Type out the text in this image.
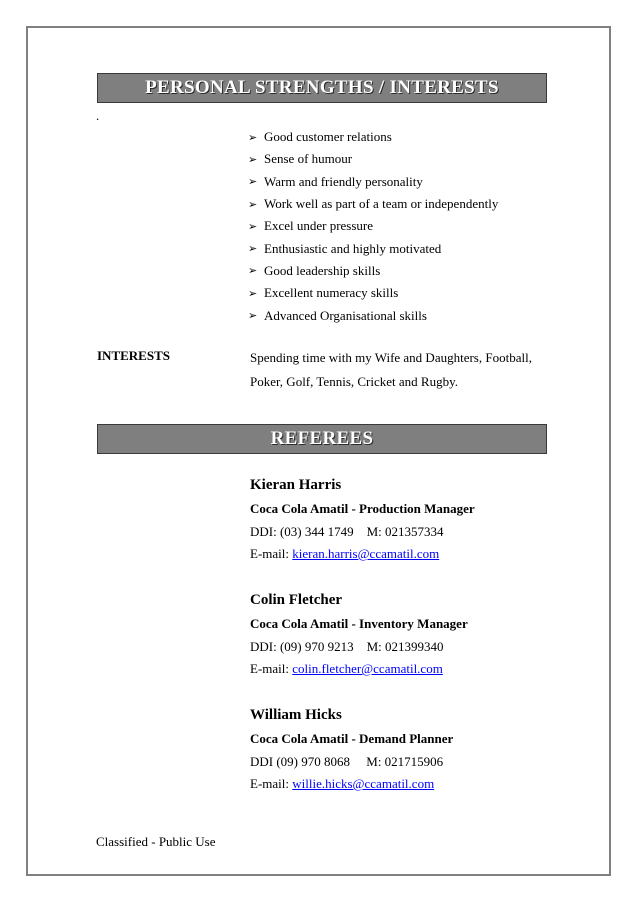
PERSONAL STRENGTHS / INTERESTS
.
➢ Good customer relations
➢ Sense of humour
➢ Warm and friendly personality
➢ Work well as part of a team or independently
➢ Excel under pressure
➢ Enthusiastic and highly motivated
➢ Good leadership skills
➢ Excellent numeracy skills
➢ Advanced Organisational skills
INTERESTS	Spending time with my Wife and Daughters, Football,
Poker, Golf, Tennis, Cricket and Rugby.
REFEREES
Kieran Harris
Coca Cola Amatil - Production Manager
DDI: (03) 344 1749    M: 021357334
E-mail: kieran.harris@ccamatil.com
Colin Fletcher
Coca Cola Amatil - Inventory Manager
DDI: (09) 970 9213    M: 021399340
E-mail: colin.fletcher@ccamatil.com
William Hicks
Coca Cola Amatil - Demand Planner
DDI (09) 970 8068     M: 021715906
E-mail: willie.hicks@ccamatil.com
Classified - Public Use
